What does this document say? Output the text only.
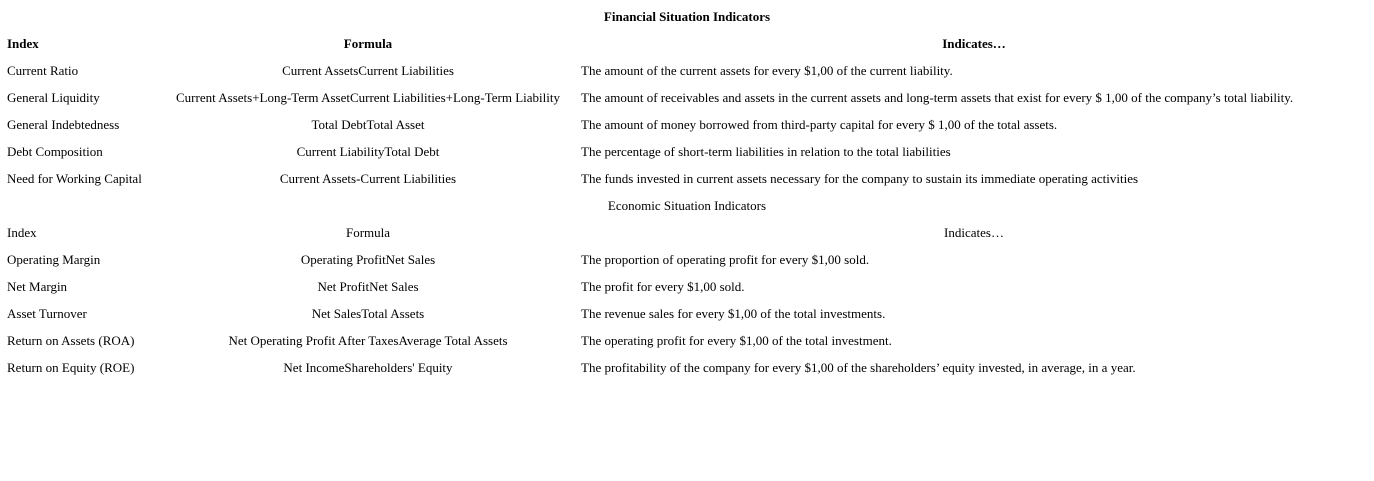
Financial Situation Indicators
Index	Formula	Indicates…
Current Ratio	Current AssetsCurrent Liabilities	The amount of the current assets for every $1,00 of the current liability.
General Liquidity	Current Assets+Long-Term AssetCurrent Liabilities+Long-Term Liability	The amount of receivables and assets in the current assets and long-term assets that exist for every $ 1,00 of the company’s total liability.
General Indebtedness	Total DebtTotal Asset	The amount of money borrowed from third-party capital for every $ 1,00 of the total assets.
Debt Composition	Current LiabilityTotal Debt	The percentage of short-term liabilities in relation to the total liabilities
Need for Working Capital	Current Assets-Current Liabilities	The funds invested in current assets necessary for the company to sustain its immediate operating activities
Economic Situation Indicators
Index	Formula	Indicates…
Operating Margin	Operating ProfitNet Sales	The proportion of operating profit for every $1,00 sold.
Net Margin	Net ProfitNet Sales	The profit for every $1,00 sold.
Asset Turnover	Net SalesTotal Assets	The revenue sales for every $1,00 of the total investments.
Return on Assets (ROA)	Net Operating Profit After TaxesAverage Total Assets	The operating profit for every $1,00 of the total investment.
Return on Equity (ROE)	Net IncomeShareholders' Equity	The profitability of the company for every $1,00 of the shareholders’ equity invested, in average, in a year.
